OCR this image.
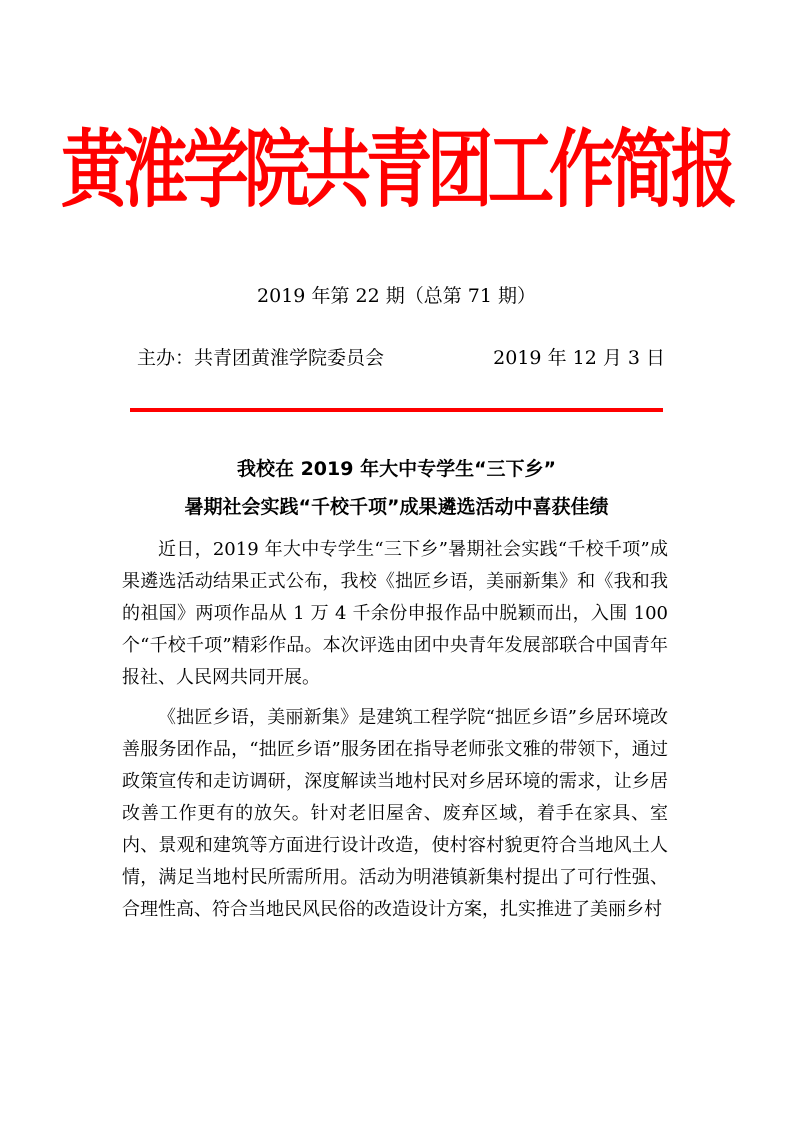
黄淮学院共青团工作简报
2019 年第 22 期（总第 71 期）
主办：共青团黄淮学院委员会	2019 年 12 月 3 日
我校在 2019 年大中专学生“三下乡”
暑期社会实践“千校千项”成果遴选活动中喜获佳绩

近日，2019 年大中专学生“三下乡”暑期社会实践“千校千项”成果遴选活动结果正式公布，我校《拙匠乡语，美丽新集》和《我和我的祖国》两项作品从 1 万 4 千余份申报作品中脱颖而出，入围 100 个“千校千项”精彩作品。本次评选由团中央青年发展部联合中国青年报社、人民网共同开展。

《拙匠乡语，美丽新集》是建筑工程学院“拙匠乡语”乡居环境改善服务团作品，“拙匠乡语”服务团在指导老师张文雅的带领下，通过政策宣传和走访调研，深度解读当地村民对乡居环境的需求，让乡居改善工作更有的放矢。针对老旧屋舍、废弃区域，着手在家具、室内、景观和建筑等方面进行设计改造，使村容村貌更符合当地风土人情，满足当地村民所需所用。活动为明港镇新集村提出了可行性强、合理性高、符合当地民风民俗的改造设计方案，扎实推进了美丽乡村
